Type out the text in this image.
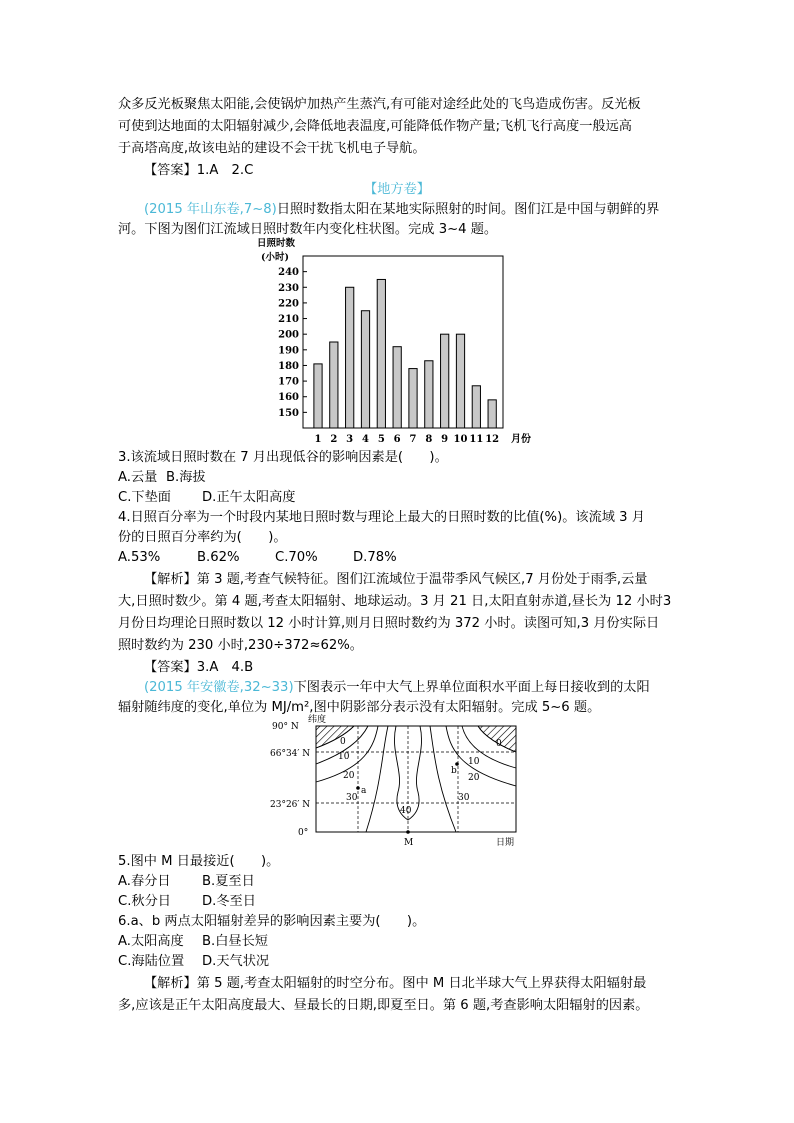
众多反光板聚焦太阳能,会使锅炉加热产生蒸汽,有可能对途经此处的飞鸟造成伤害。反光板
可使到达地面的太阳辐射减少,会降低地表温度,可能降低作物产量;飞机飞行高度一般远高
于高塔高度,故该电站的建设不会干扰飞机电子导航。
【答案】1.A　2.C
【地方卷】
(2015 年山东卷,7~8)日照时数指太阳在某地实际照射的时间。图们江是中国与朝鲜的界
河。下图为图们江流域日照时数年内变化柱状图。完成 3~4 题。
日照时数
(小时)
150
160
170
180
190
200
210
220
230
240
1 2 3 4 5 6 7 8 9 10 11 12 月份
3.该流域日照时数在 7 月出现低谷的影响因素是(　　)。
A.云量 B.海拔
C.下垫面 D.正午太阳高度
4.日照百分率为一个时段内某地日照时数与理论上最大的日照时数的比值(%)。该流域 3 月
份的日照百分率约为(　　)。
A.53%	B.62%	C.70%	D.78%
【解析】第 3 题,考查气候特征。图们江流域位于温带季风气候区,7 月份处于雨季,云量
大,日照时数少。第 4 题,考查太阳辐射、地球运动。3 月 21 日,太阳直射赤道,昼长为 12 小时3
月份日均理论日照时数以 12 小时计算,则月日照时数约为 372 小时。读图可知,3 月份实际日
照时数约为 230 小时,230÷372≈62%。
【答案】3.A　4.B
(2015 年安徽卷,32~33)下图表示一年中大气上界单位面积水平面上每日接收到的太阳
辐射随纬度的变化,单位为 MJ/m²,图中阴影部分表示没有太阳辐射。完成 5~6 题。
纬度
90° N
66°34′ N
23°26′ N
0°
M	日期
0
10
20
30
40
0
10
20
30
a
b
5.图中 M 日最接近(　　)。
A.春分日 B.夏至日
C.秋分日 D.冬至日
6.a、b 两点太阳辐射差异的影响因素主要为(　　)。
A.太阳高度 B.白昼长短
C.海陆位置 D.天气状况
【解析】第 5 题,考查太阳辐射的时空分布。图中 M 日北半球大气上界获得太阳辐射最
多,应该是正午太阳高度最大、昼最长的日期,即夏至日。第 6 题,考查影响太阳辐射的因素。
